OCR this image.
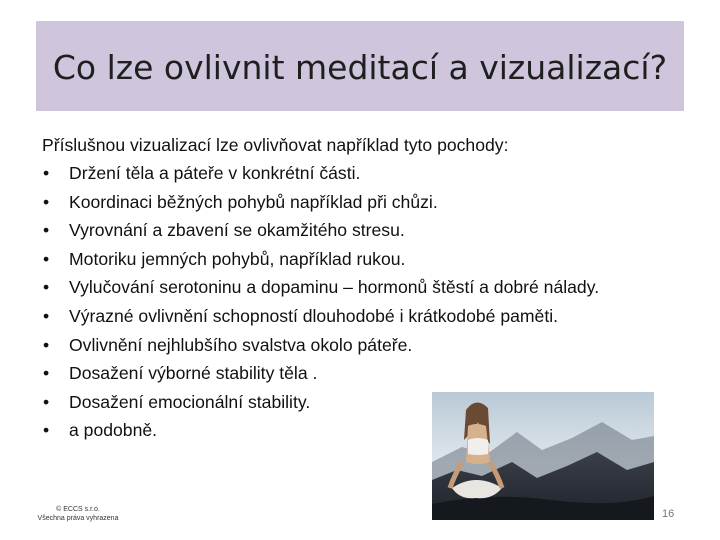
Co lze ovlivnit meditací a vizualizací?
Příslušnou vizualizací lze ovlivňovat například tyto pochody:
• Držení těla a páteře v konkrétní části.
• Koordinaci běžných pohybů například při chůzi.
• Vyrovnání a zbavení se okamžitého stresu.
• Motoriku jemných pohybů, například rukou.
• Vylučování serotoninu a dopaminu – hormonů štěstí a dobré nálady.
• Výrazné ovlivnění schopností dlouhodobé i krátkodobé paměti.
• Ovlivnění nejhlubšího svalstva okolo páteře.
• Dosažení výborné stability těla .
• Dosažení emocionální stability.
• a podobně.
© ECCS s.r.o.
Všechna práva vyhrazena	16
